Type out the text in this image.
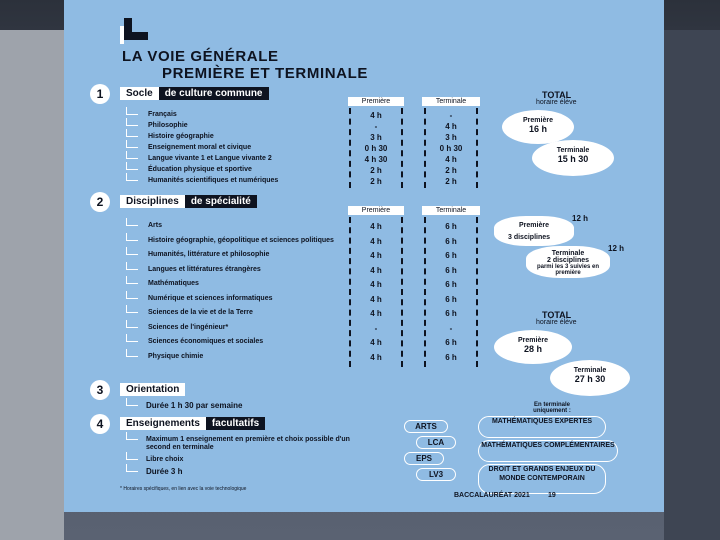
LA VOIE GÉNÉRALE
PREMIÈRE ET TERMINALE
1	Socle de culture commune
Première	Terminale
Français	4 h	-
Philosophie	-	4 h
Histoire géographie	3 h	3 h
Enseignement moral et civique	0 h 30	0 h 30
Langue vivante 1 et Langue vivante 2	4 h 30	4 h
Éducation physique et sportive	2 h	2 h
Humanités scientifiques et numériques	2 h	2 h
TOTAL
horaire élève
Première
16 h
Terminale
15 h 30
2	Disciplines de spécialité
Première	Terminale
Arts	4 h	6 h
Histoire géographie, géopolitique et sciences politiques	4 h	6 h
Humanités, littérature et philosophie	4 h	6 h
Langues et littératures étrangères	4 h	6 h
Mathématiques	4 h	6 h
Numérique et sciences informatiques	4 h	6 h
Sciences de la vie et de la Terre	4 h	6 h
Sciences de l'ingénieur*	-	-
Sciences économiques et sociales	4 h	6 h
Physique chimie	4 h	6 h
12 h
Première
3 disciplines
12 h
Terminale
2 disciplines
parmi les 3 suivies en première
TOTAL
horaire élève
Première
28 h
Terminale
27 h 30
3	Orientation
Durée 1 h 30 par semaine
4	Enseignements facultatifs
Maximum 1 enseignement en première et choix possible d'un second en terminale
Libre choix
Durée 3 h
ARTS
LCA
EPS
LV3
En terminale uniquement :
MATHÉMATIQUES EXPERTES
MATHÉMATIQUES COMPLÉMENTAIRES
DROIT ET GRANDS ENJEUX DU MONDE CONTEMPORAIN
* Horaires spécifiques, en lien avec la voie technologique
BACCALAURÉAT 2021	19
